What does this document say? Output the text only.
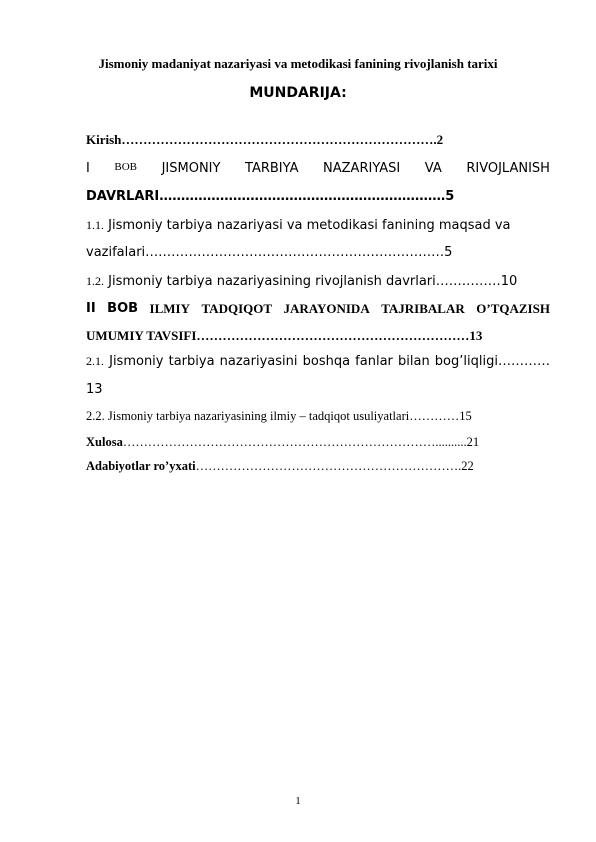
Jismoniy madaniyat nazariyasi va metodikasi fanining rivojlanish tarixi
MUNDARIJA:
Kirish……………………………………………………………….2
I BOB JISMONIY TARBIYA NAZARIYASI VA RIVOJLANISH
DAVRLARI…………………………………………………………5
1.1. Jismoniy tarbiya nazariyasi va metodikasi fanining maqsad va
vazifalari……………………………………………………………5
1.2. Jismoniy tarbiya nazariyasining rivojlanish davrlari……………10
II BOB ILMIY TADQIQOT JARAYONIDA TAJRIBALAR O’TQAZISH
UMUMIY TAVSIFI………………………………………………………13
2.1. Jismoniy tarbiya nazariyasini boshqa fanlar bilan bog’liqligi…………
13
2.2. Jismoniy tarbiya nazariyasining ilmiy – tadqiqot usuliyatlari…………15
Xulosa…………………………………………………………………..........21
Adabiyotlar ro’yxati……………………………………………………….22
1
